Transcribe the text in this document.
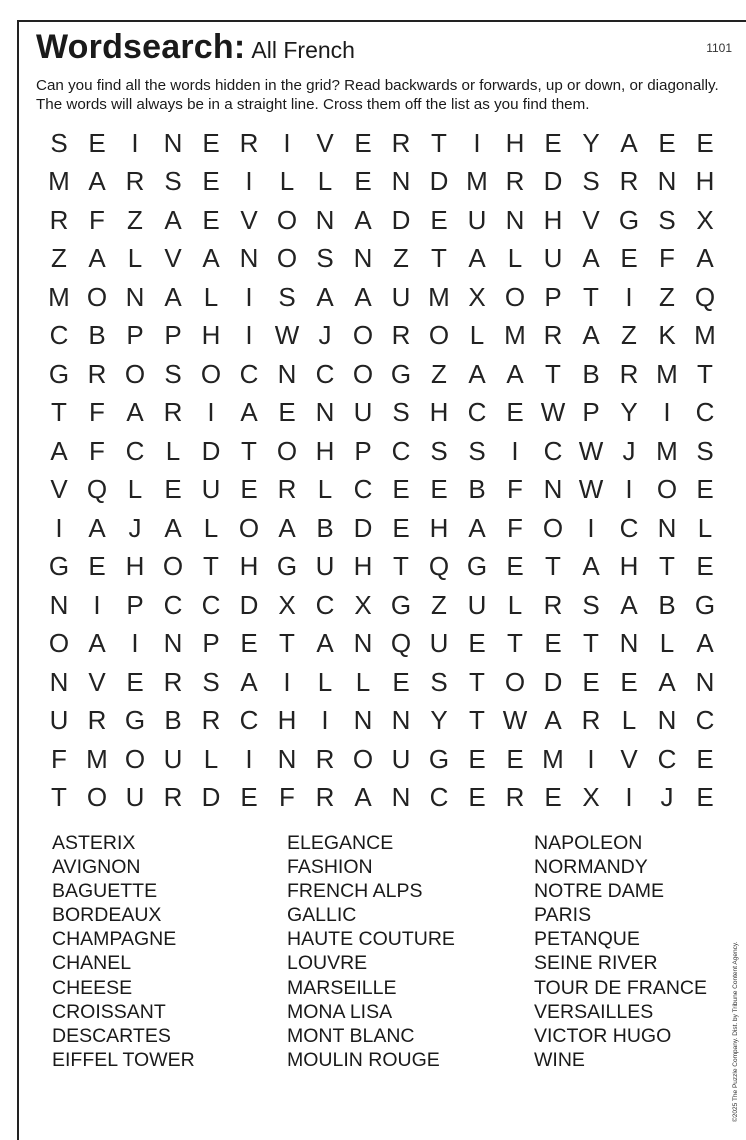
Wordsearch: All French	1101
Can you find all the words hidden in the grid? Read backwards or forwards, up or down, or diagonally. The words will always be in a straight line. Cross them off the list as you find them.
S E I N E R I V E R T	I H E Y A E E
M A R S E I	L L E N D M R D S R N H
R F Z A E V O N A D E U N H V G S X
Z A L V A N O S N Z T A L U A E F A
M O N A L	I S A A U M X O P T	I	Z Q
C B P P H I W J O R O L M R A Z K M
G R O S O C N C O G Z A A T B R M T
T F A R I A E N U S H C E W P Y I C
A F C L D T O H P C S S I C W J M S
V Q L E U E R L C E E B F N W I O E
I A J A L O A B D E H A F O I C N L
G E H O T H G U H T Q G E T A H T E
N I P C C D X C X G Z U L R S A B G
O A I N P E T A N Q U E T E T N L A
N V E R S A I	L L E S T O D E E A N
U R G B R C H I N N Y T W A R L N C
F M O U L	I N R O U G E E M I V C E
T O U R D E F R A N C E R E X I	J E
ASTERIX
AVIGNON
BAGUETTE
BORDEAUX
CHAMPAGNE
CHANEL
CHEESE
CROISSANT
DESCARTES
EIFFEL TOWER
ELEGANCE
FASHION
FRENCH ALPS
GALLIC
HAUTE COUTURE
LOUVRE
MARSEILLE
MONA LISA
MONT BLANC
MOULIN ROUGE
NAPOLEON
NORMANDY
NOTRE DAME
PARIS
PETANQUE
SEINE RIVER
TOUR DE FRANCE
VERSAILLES
VICTOR HUGO
WINE	©2025 The Puzzle Company. Dist. by Tribune Content Agency.
